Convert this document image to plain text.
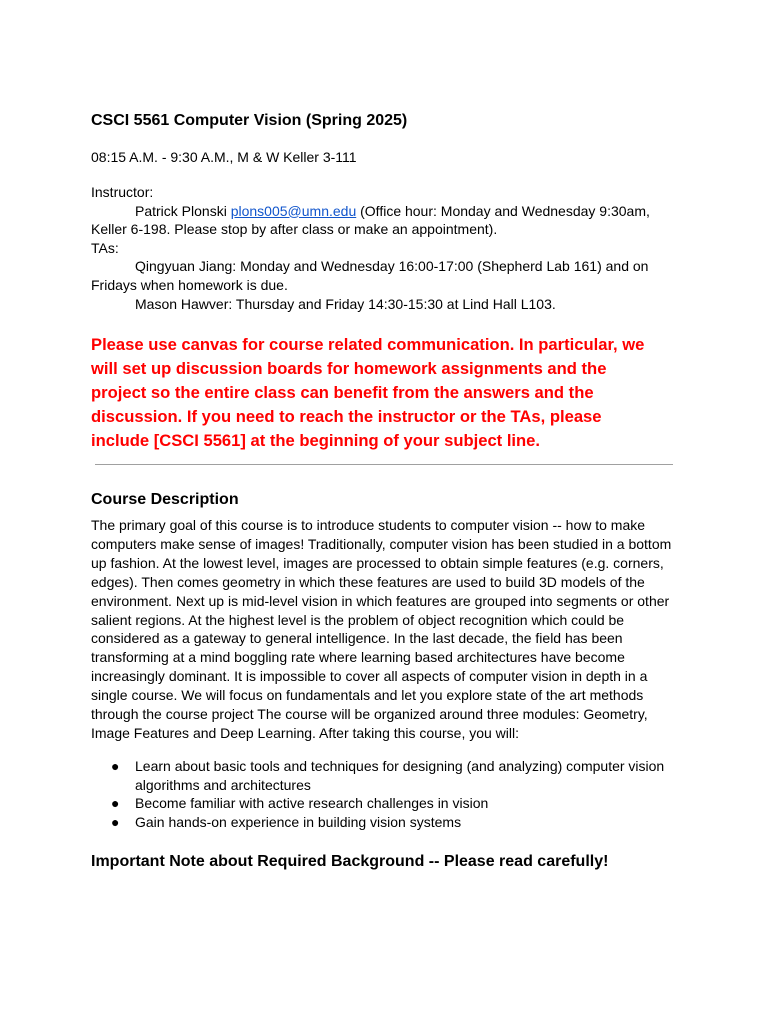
CSCI 5561 Computer Vision (Spring 2025)
08:15 A.M. - 9:30 A.M., M & W Keller 3-111
Instructor:
Patrick Plonski plons005@umn.edu (Office hour: Monday and Wednesday 9:30am,
Keller 6-198. Please stop by after class or make an appointment).
TAs:
Qingyuan Jiang: Monday and Wednesday 16:00-17:00 (Shepherd Lab 161) and on
Fridays when homework is due.
Mason Hawver: Thursday and Friday 14:30-15:30 at Lind Hall L103.

Please use canvas for course related communication. In particular, we
will set up discussion boards for homework assignments and the
project so the entire class can benefit from the answers and the
discussion. If you need to reach the instructor or the TAs, please
include [CSCI 5561] at the beginning of your subject line.

Course Description
The primary goal of this course is to introduce students to computer vision -- how to make
computers make sense of images! Traditionally, computer vision has been studied in a bottom
up fashion. At the lowest level, images are processed to obtain simple features (e.g. corners,
edges). Then comes geometry in which these features are used to build 3D models of the
environment. Next up is mid-level vision in which features are grouped into segments or other
salient regions. At the highest level is the problem of object recognition which could be
considered as a gateway to general intelligence. In the last decade, the field has been
transforming at a mind boggling rate where learning based architectures have become
increasingly dominant. It is impossible to cover all aspects of computer vision in depth in a
single course. We will focus on fundamentals and let you explore state of the art methods
through the course project The course will be organized around three modules: Geometry,
Image Features and Deep Learning. After taking this course, you will:
● Learn about basic tools and techniques for designing (and analyzing) computer vision
algorithms and architectures
● Become familiar with active research challenges in vision
● Gain hands-on experience in building vision systems
Important Note about Required Background -- Please read carefully!
